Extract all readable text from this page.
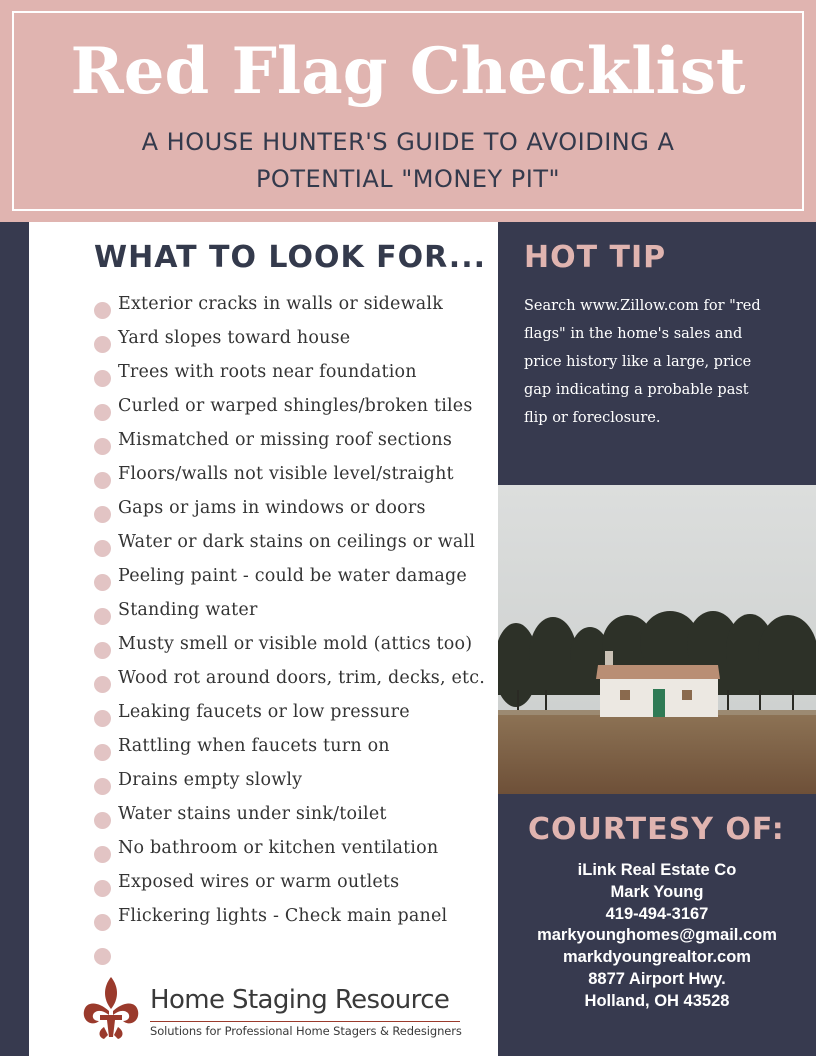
Red Flag Checklist
A HOUSE HUNTER'S GUIDE TO AVOIDING A
POTENTIAL "MONEY PIT"
WHAT TO LOOK FOR...
Exterior cracks in walls or sidewalk
Yard slopes toward house
Trees with roots near foundation
Curled or warped shingles/broken tiles
Mismatched or missing roof sections
Floors/walls not visible level/straight
Gaps or jams in windows or doors
Water or dark stains on ceilings or wall
Peeling paint - could be water damage
Standing water
Musty smell or visible mold (attics too)
Wood rot around doors, trim, decks, etc.
Leaking faucets or low pressure
Rattling when faucets turn on
Drains empty slowly
Water stains under sink/toilet
No bathroom or kitchen ventilation
Exposed wires or warm outlets
Flickering lights - Check main panel
HOT TIP
Search www.Zillow.com for "red
flags" in the home's sales and
price history like a large, price
gap indicating a probable past
flip or foreclosure.
COURTESY OF:
iLink Real Estate Co
Mark Young
419-494-3167
markyounghomes@gmail.com
markdyoungrealtor.com
8877 Airport Hwy.
Holland, OH 43528
Home Staging Resource
Solutions for Professional Home Stagers & Redesigners
